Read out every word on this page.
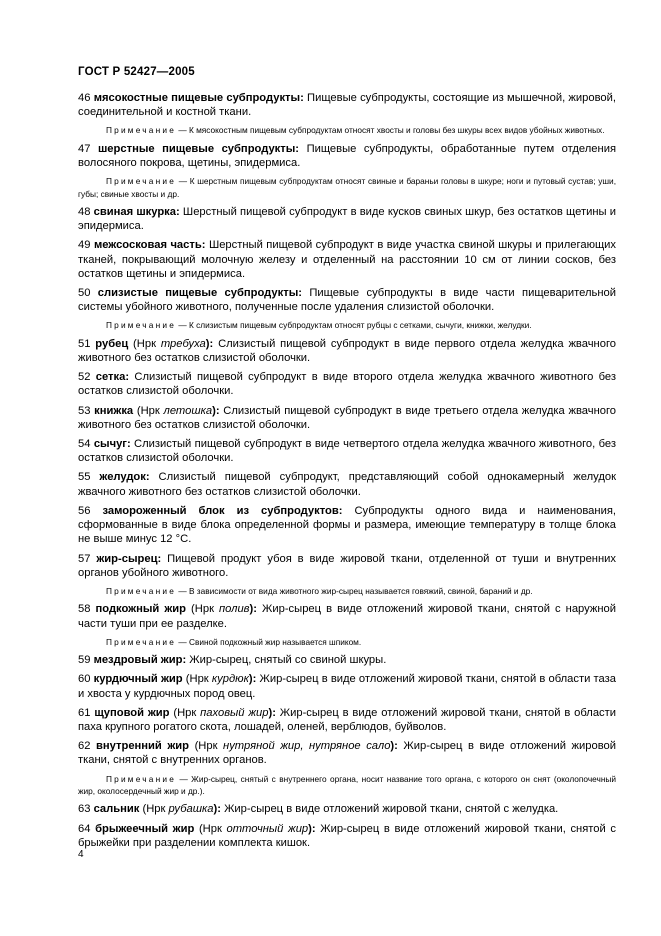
ГОСТ Р 52427—2005

46 мясокостные пищевые субпродукты: Пищевые субпродукты, состоящие из мышечной, жировой, соединительной и костной ткани.

Примечание — К мясокостным пищевым субпродуктам относят хвосты и головы без шкуры всех видов убойных животных.

47 шерстные пищевые субпродукты: Пищевые субпродукты, обработанные путем отделения волосяного покрова, щетины, эпидермиса.

Примечание — К шерстным пищевым субпродуктам относят свиные и бараньи головы в шкуре; ноги и путовый сустав; уши, губы; свиные хвосты и др.

48 свиная шкурка: Шерстный пищевой субпродукт в виде кусков свиных шкур, без остатков щетины и эпидермиса.

49 межсосковая часть: Шерстный пищевой субпродукт в виде участка свиной шкуры и прилегающих тканей, покрывающий молочную железу и отделенный на расстоянии 10 см от линии сосков, без остатков щетины и эпидермиса.

50 слизистые пищевые субпродукты: Пищевые субпродукты в виде части пищеварительной системы убойного животного, полученные после удаления слизистой оболочки.

Примечание — К слизистым пищевым субпродуктам относят рубцы с сетками, сычуги, книжки, желудки.

51 рубец (Нрк требуха): Слизистый пищевой субпродукт в виде первого отдела желудка жвачного животного без остатков слизистой оболочки.

52 сетка: Слизистый пищевой субпродукт в виде второго отдела желудка жвачного животного без остатков слизистой оболочки.

53 книжка (Нрк летошка): Слизистый пищевой субпродукт в виде третьего отдела желудка жвачного животного без остатков слизистой оболочки.

54 сычуг: Слизистый пищевой субпродукт в виде четвертого отдела желудка жвачного животного, без остатков слизистой оболочки.

55 желудок: Слизистый пищевой субпродукт, представляющий собой однокамерный желудок жвачного животного без остатков слизистой оболочки.

56 замороженный блок из субпродуктов: Субпродукты одного вида и наименования, сформованные в виде блока определенной формы и размера, имеющие температуру в толще блока не выше минус 12 °С.

57 жир-сырец: Пищевой продукт убоя в виде жировой ткани, отделенной от туши и внутренних органов убойного животного.

Примечание — В зависимости от вида животного жир-сырец называется говяжий, свиной, бараний и др.

58 подкожный жир (Нрк полив): Жир-сырец в виде отложений жировой ткани, снятой с наружной части туши при ее разделке.

Примечание — Свиной подкожный жир называется шпиком.

59 мездровый жир: Жир-сырец, снятый со свиной шкуры.

60 курдючный жир (Нрк курдюк): Жир-сырец в виде отложений жировой ткани, снятой в области таза и хвоста у курдючных пород овец.

61 щуповой жир (Нрк паховый жир): Жир-сырец в виде отложений жировой ткани, снятой в области паха крупного рогатого скота, лошадей, оленей, верблюдов, буйволов.

62 внутренний жир (Нрк нутряной жир, нутряное сало): Жир-сырец в виде отложений жировой ткани, снятой с внутренних органов.

Примечание — Жир-сырец, снятый с внутреннего органа, носит название того органа, с которого он снят (околопочечный жир, околосердечный жир и др.).

63 сальник (Нрк рубашка): Жир-сырец в виде отложений жировой ткани, снятой с желудка.

64 брыжеечный жир (Нрк отточный жир): Жир-сырец в виде отложений жировой ткани, снятой с брыжейки при разделении комплекта кишок.

4
